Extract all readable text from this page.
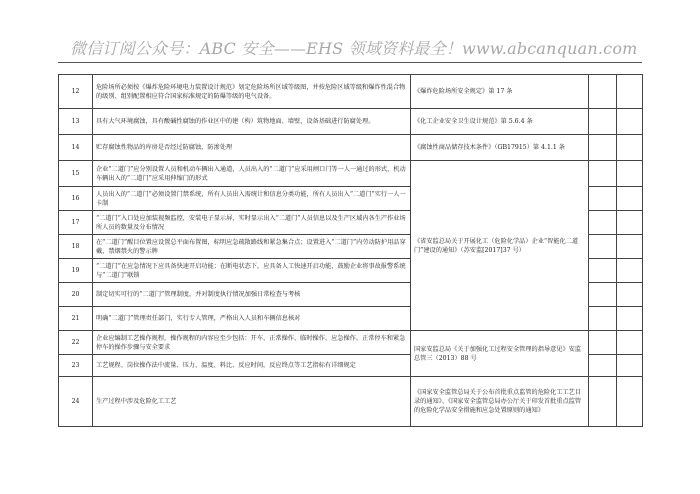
微信订阅公众号：ABC 安全——EHS 领域资料最全！www.abcanquan.com
12	危险场所必须按《爆炸危险环境电力装置设计规范》划定危险场所区域等级图，并按危险区域等级和爆炸性混合物的级别、组别配置相应符合国家标准规定的防爆等级的电气设备。	《爆炸危险场所安全规定》第 17 条		
13	具有大气环境腐蚀，具有酸碱性腐蚀的作业区中的建（构）筑物地面、墙壁、设备基础进行防腐处理。	《化工企业安全卫生设计规范》第 5.6.4 条		
14	贮存腐蚀性物品的库房是否经过防腐蚀，防渗处理	《腐蚀性商品储存技术条件》（GB17915）第 4.1.1 条		
15	企业“二道门”应分别设置人员和机动车辆出入通道，人员出入的“二道门”应采用闸口门等一人一通过的形式，机动车辆出入的“二道门”应采用伸缩门的形式	《省安监总局关于开展化工（危险化学品）企业“智能化二道门”建设的通知》（苏安监[2017]37 号）		
16	人员出入的“二道门”必须设置门禁系统，所有人员出入需统计和信息分类功能，所有人员出入“二道门”实行一人一卡制			
17	“二道门”入口处应加装视频监控，安装电子显示屏，实时显示出入“二道门”人员信息以及生产区域内各生产作业场所人员的数量及分布情况			
18	在“二道门”醒目位置应设置总平面布置图，标明应急疏散路线和紧急集合点；设置进入“二道门”内劳动防护用品穿戴、禁烟禁火的警示牌			
19	“二道门”在应急情况下应具备快速开启功能；在断电状态下，应具备人工快速开启功能，鼓励企业将事故报警系统与“二道门”联锁			
20	制定切实可行的“二道门”管理制度，并对制度执行情况加强日常检查与考核			
21	明确“二道门”管理责任部门，实行专人管理，严格出入人员和车辆信息核对			
22	企业应编制工艺操作规程，操作规程的内容应至少包括：开车、正常操作、临时操作、应急操作、正常停车和紧急停车的操作步骤与安全要求	国家安监总局《关于加强化工过程安全管理的指导意见》安监总管三（2013）88 号		
23	工艺规程、岗位操作法中流量、压力、温度、料比、反应时间，反应终点等工艺指标有详细规定			
24	生产过程中涉及危险化工工艺	《国家安全监管总局关于公布首批重点监管的危险化工工艺目录的通知》、《国家安全监管总局办公厅关于印发首批重点监管的危险化学品安全措施和应急处置原则的通知》		
